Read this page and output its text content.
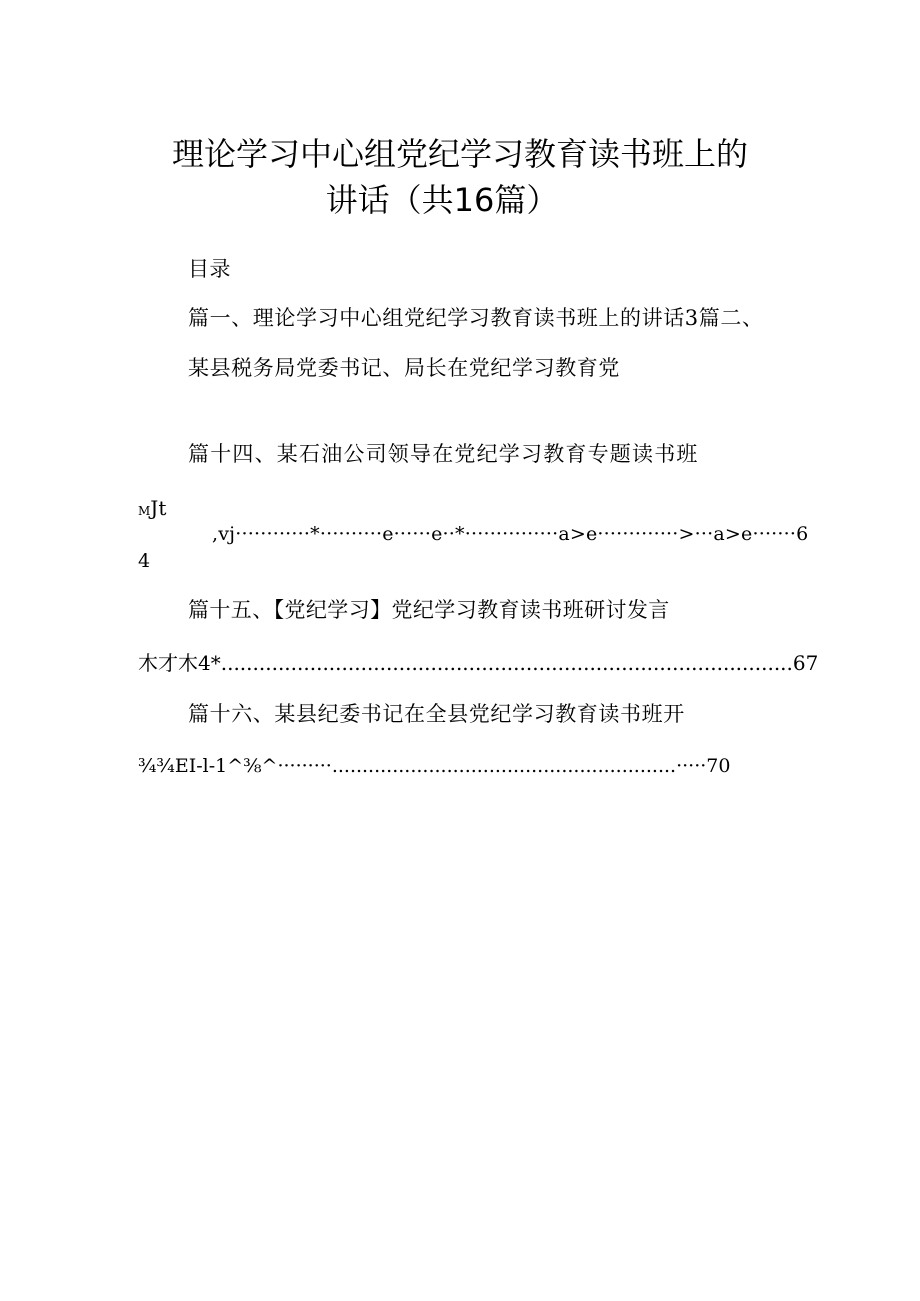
理论学习中心组党纪学习教育读书班上的
讲话（共16篇）
目录
篇一、理论学习中心组党纪学习教育读书班上的讲话3篇二、
某县税务局党委书记、局长在党纪学习教育党
篇十四、某石油公司领导在党纪学习教育专题读书班
MJt
,vj············*··········e······e··*···············a>e·············>···a>e·······6
4
篇十五、【党纪学习】党纪学习教育读书班研讨发言
木才木4*..........................................................................................67
篇十六、某县纪委书记在全县党纪学习教育读书班开
¾¾EI-l-1^⅜^·········.........................................................·····70
